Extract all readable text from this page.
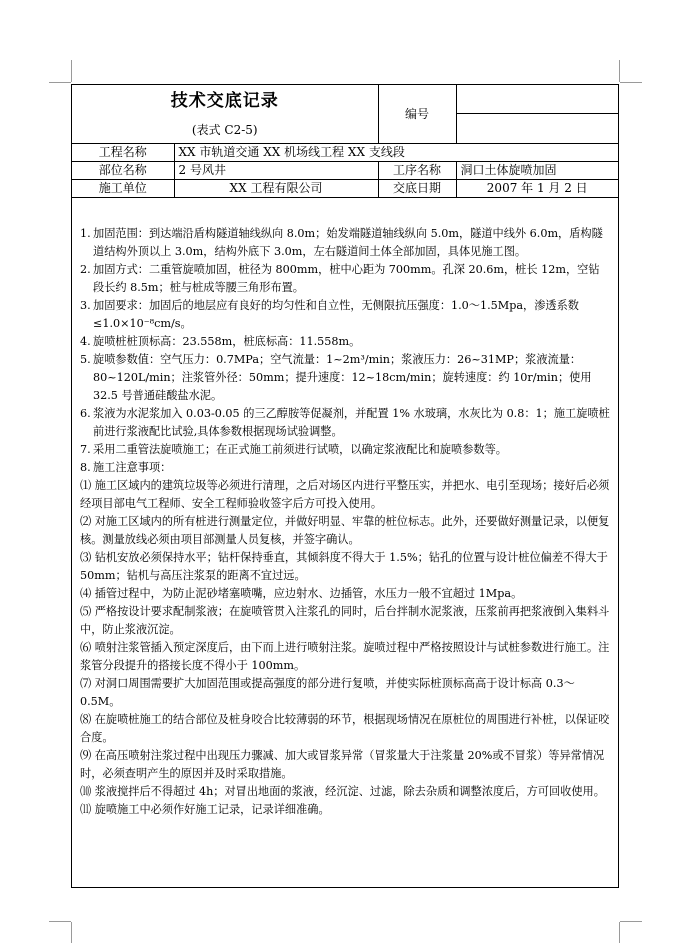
技术交底记录
(表式 C2-5)		编号	

工程名称	XX 市轨道交通 XX 机场线工程 XX 支线段		
部位名称	2 号风井	工序名称	洞口土体旋喷加固
施工单位	XX 工程有限公司	交底日期	2007 年 1 月 2 日
1. 加固范围：到达端沿盾构隧道轴线纵向 8.0m；始发端隧道轴线纵向 5.0m，隧道中线外 6.0m，盾构隧道结构外顶以上 3.0m，结构外底下 3.0m，左右隧道间土体全部加固，具体见施工图。
2. 加固方式：二重管旋喷加固，桩径为 800mm，桩中心距为 700mm。孔深 20.6m，桩长 12m，空钻段长约 8.5m；桩与桩成等腰三角形布置。
3. 加固要求：加固后的地层应有良好的均匀性和自立性，无侧限抗压强度：1.0～1.5Mpa，渗透系数≤1.0×10⁻⁸cm/s。
4. 旋喷桩桩顶标高：23.558m，桩底标高：11.558m。
5. 旋喷参数值：空气压力：0.7MPa；空气流量：1~2m³/min；浆液压力：26~31MP；浆液流量：80~120L/min；注浆管外径：50mm；提升速度：12~18cm/min；旋转速度：约 10r/min；使用 32.5 号普通硅酸盐水泥。
6. 浆液为水泥浆加入 0.03-0.05 的三乙醇胺等促凝剂，并配置 1% 水玻璃，水灰比为 0.8：1；施工旋喷桩前进行浆液配比试验,具体参数根据现场试验调整。
7. 采用二重管法旋喷施工；在正式施工前须进行试喷，以确定浆液配比和旋喷参数等。
8. 施工注意事项：

⑴ 施工区域内的建筑垃圾等必须进行清理，之后对场区内进行平整压实，并把水、电引至现场；接好后必须经项目部电气工程师、安全工程师验收签字后方可投入使用。

⑵ 对施工区域内的所有桩进行测量定位，并做好明显、牢靠的桩位标志。此外，还要做好测量记录，以便复核。测量放线必须由项目部测量人员复核，并签字确认。

⑶ 钻机安放必须保持水平；钻杆保持垂直，其倾斜度不得大于 1.5%；钻孔的位置与设计桩位偏差不得大于 50mm；钻机与高压注浆泵的距离不宜过远。

⑷ 插管过程中，为防止泥砂堵塞喷嘴，应边射水、边插管，水压力一般不宜超过 1Mpa。

⑸ 严格按设计要求配制浆液；在旋喷管贯入注浆孔的同时，后台拌制水泥浆液，压浆前再把浆液倒入集料斗中，防止浆液沉淀。

⑹ 喷射注浆管插入预定深度后，由下而上进行喷射注浆。旋喷过程中严格按照设计与试桩参数进行施工。注浆管分段提升的搭接长度不得小于 100mm。

⑺ 对洞口周围需要扩大加固范围或提高强度的部分进行复喷，并使实际桩顶标高高于设计标高 0.3～0.5M。

⑻ 在旋喷桩施工的结合部位及桩身咬合比较薄弱的环节，根据现场情况在原桩位的周围进行补桩，以保证咬合度。

⑼ 在高压喷射注浆过程中出现压力骤减、加大或冒浆异常（冒浆量大于注浆量 20%或不冒浆）等异常情况时，必须查明产生的原因并及时采取措施。

⑽ 浆液搅拌后不得超过 4h；对冒出地面的浆液，经沉淀、过滤，除去杂质和调整浓度后，方可回收使用。

⑾ 旋喷施工中必须作好施工记录，记录详细准确。
